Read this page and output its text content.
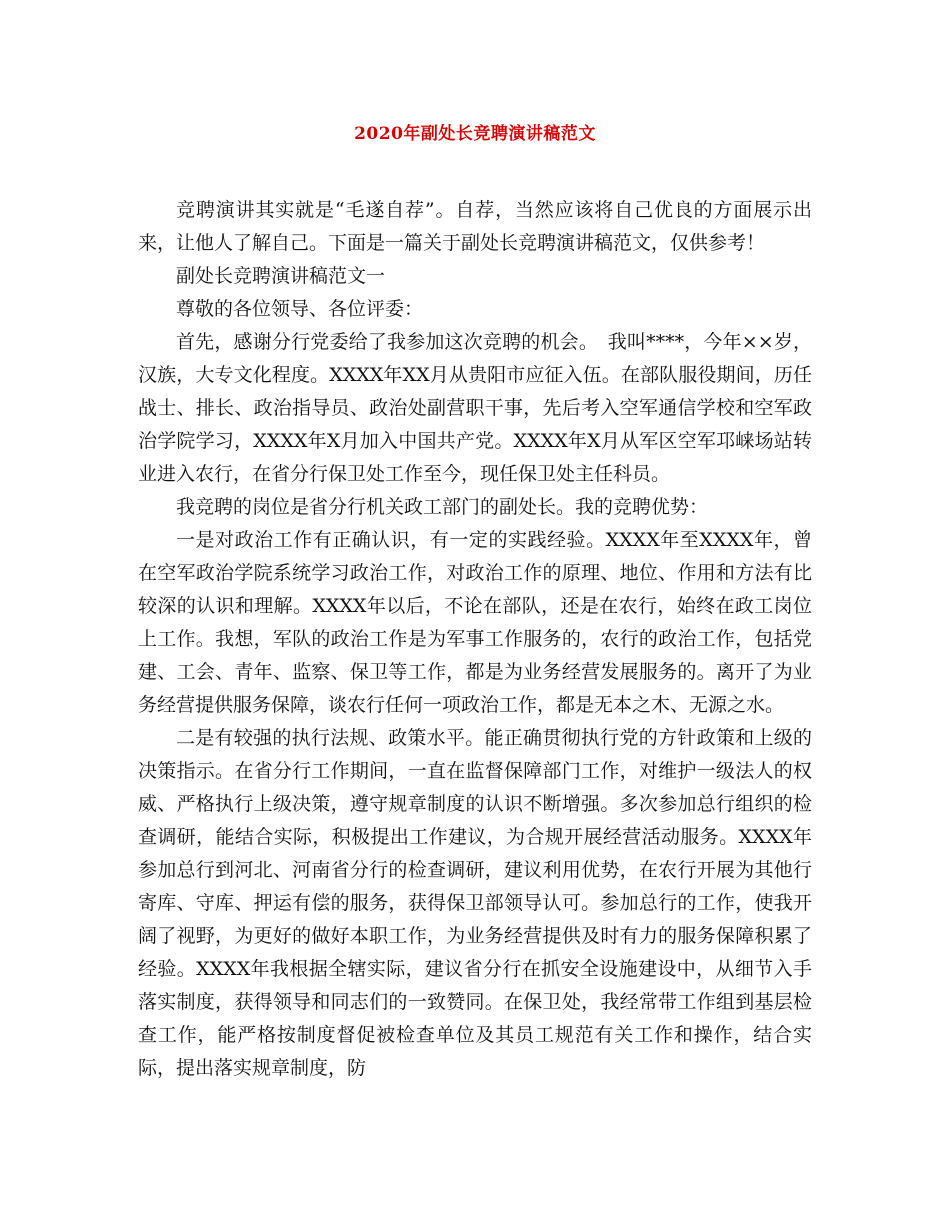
2020年副处长竞聘演讲稿范文

竞聘演讲其实就是“毛遂自荐”。自荐，当然应该将自己优良的方面展示出来，让他人了解自己。下面是一篇关于副处长竞聘演讲稿范文，仅供参考！

副处长竞聘演讲稿范文一

尊敬的各位领导、各位评委：

首先，感谢分行党委给了我参加这次竞聘的机会。　我叫****，今年××岁，汉族，大专文化程度。XXXX年XX月从贵阳市应征入伍。在部队服役期间，历任战士、排长、政治指导员、政治处副营职干事，先后考入空军通信学校和空军政治学院学习，XXXX年X月加入中国共产党。XXXX年X月从军区空军邛崃场站转业进入农行，在省分行保卫处工作至今，现任保卫处主任科员。

我竞聘的岗位是省分行机关政工部门的副处长。我的竞聘优势：

一是对政治工作有正确认识，有一定的实践经验。XXXX年至XXXX年，曾在空军政治学院系统学习政治工作，对政治工作的原理、地位、作用和方法有比较深的认识和理解。XXXX年以后，不论在部队，还是在农行，始终在政工岗位上工作。我想，军队的政治工作是为军事工作服务的，农行的政治工作，包括党建、工会、青年、监察、保卫等工作，都是为业务经营发展服务的。离开了为业务经营提供服务保障，谈农行任何一项政治工作，都是无本之木、无源之水。

二是有较强的执行法规、政策水平。能正确贯彻执行党的方针政策和上级的决策指示。在省分行工作期间，一直在监督保障部门工作，对维护一级法人的权威、严格执行上级决策，遵守规章制度的认识不断增强。多次参加总行组织的检查调研，能结合实际，积极提出工作建议，为合规开展经营活动服务。XXXX年参加总行到河北、河南省分行的检查调研，建议利用优势，在农行开展为其他行寄库、守库、押运有偿的服务，获得保卫部领导认可。参加总行的工作，使我开阔了视野，为更好的做好本职工作，为业务经营提供及时有力的服务保障积累了经验。XXXX年我根据全辖实际，建议省分行在抓安全设施建设中，从细节入手落实制度，获得领导和同志们的一致赞同。在保卫处，我经常带工作组到基层检查工作，能严格按制度督促被检查单位及其员工规范有关工作和操作，结合实际，提出落实规章制度，防
